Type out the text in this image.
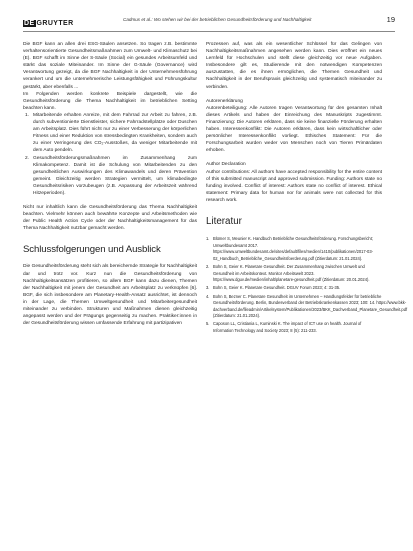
DE GRUYTER	Cadmus et al.: Wo stehen wir bei der betrieblichen Gesundheitsförderung und Nachhaltigkeit	19

Die BGF kann an allen drei ESG-Säulen ansetzen. So tragen z.B. bestimmte verhaltensorientierte Gesundheitsmaßnahmen zum Umwelt- und Klimaschutz bei (E). BGF schafft im Sinne der S-Säule (Social) ein gesundes Arbeitsumfeld und stärkt das soziale Miteinander. Im Sinne der G-Säule (Governance) wird Verantwortung gezeigt, da die BGF Nachhaltigkeit in der Unternehmensführung verankert und um die unternehmerische Leistungsfähigkeit und Führungskultur gestärkt, aber ebenfalls ...

Im Folgenden werden konkrete Beispiele dargestellt, wie die Gesundheitsförderung die Thema Nachhaltigkeit im betrieblichen Setting beachten kann.

1. Mitarbeitende erhalten Anreize, mit dem Fahrrad zur Arbeit zu fahren, z.B. durch subventionierte Dienstleister, sichere Fahrradstellplätze oder Duschen am Arbeitsplatz. Dies führt nicht nur zu einer Verbesserung der körperlichen Fitness und einer Reduktion von stressbedingten Krankheiten, sondern auch zu einer Verringerung des CO₂-Ausstoßes, da weniger Mitarbeitende mit dem Auto pendeln.
2. Gesundheitsförderungsmaßnahmen im Zusammenhang zum Klimakompetenz. Damit ist die Schulung von Mitarbeitenden zu den gesundheitlichen Auswirkungen des Klimawandels und deren Prävention gemeint. Gleichzeitig werden Strategien vermittelt, um klimabedingte Gesundheitsrisiken vorzubeugen (z.B. Anpassung der Arbeitszeit während Hitzeperioden).

Nicht nur inhaltlich kann die Gesundheitsförderung das Thema Nachhaltigkeit beachten. Vielmehr können auch bewährte Konzepte und Arbeitsmethoden wie der Public Health Action Cycle oder der Nachhaltigkeitsmanagement für das Thema Nachhaltigkeit nutzbar gemacht werden.

Schlussfolgerungen und Ausblick

Die Gesundheitsförderung steht sich als bereichernde Strategie für Nachhaltigkeit dar und trotz vor. Kurz nun die Gesundheitsförderung von Nachhaltigkeitsansätzen profitieren, so allem BGF kann dazu dienen, Themen der Nachhaltigkeit mit jenem der Gesundheit am Arbeitsplatz zu verknüpfen [6]. BGF, die sich insbesondere am Planetary-Health-Ansatz ausrichtet, ist dennoch in der Lage, die Themen Umweltgesundheit und Mitarbeitergesundheit miteinander zu verbinden. Strukturen und Maßnahmen dienen gleichzeitig angepasst werden und der Prägungs gegenseitig zu machen. Praktiker:innen in der Gesundheitsförderung wissen umfassende Erfahrung mit partizipativen

Prozessen auf, was als ein wesentlicher Schlüssel für das Gelingen von Nachhaltigkeitsmaßnahmen angesehen werden kann. Dies eröffnet ein neues Lernfeld für Hochschulen und stellt diese gleichzeitig vor neue Aufgaben. Insbesondere gilt es, Studierende mit den notwendigen Kompetenzen auszustatten, die es ihnen ermöglichen, die Themen Gesundheit und Nachhaltigkeit in der Berufspraxis gleichzeitig und systematisch miteinander zu verbinden.

Autorenerklärung

Autorenbeteiligung: Alle Autoren tragen Verantwortung für den gesamten Inhalt dieses Artikels und haben der Einreichung des Manuskripts zugestimmt. Finanzierung: Die Autoren erklären, dass sie keine finanzielle Förderung erhalten haben. Interessenkonflikt: Die Autoren erklären, dass kein wirtschaftlicher oder persönlicher Interessenkonflikt vorliegt. Ethisches Statement: Für die Forschungsarbeit wurden weder von Menschen noch von Tieren Primärdaten erhoben.

Author Declaration

Author contributions: All authors have accepted responsibility for the entire content of this submitted manuscript and approved submission. Funding: Authors state no funding involved. Conflict of interest: Authors state no conflict of interest. Ethical statement: Primary data for human nor for animals were not collected for this research work.

Literatur
1. Blümer S, Meunier K. Handbuch Betriebliche Gesundheitsförderung. Forschungsbericht; Umweltbundesamt 2017. https://www.umweltbundesamt.de/sites/default/files/medien/1410/publikationen/2017-03-02_Handbuch_Betriebliche_Gesundheitsfoerderung.pdf (Zitierdatum: 21.01.2024).
2. Bohn S, Geier K. Planetare Gesundheit. Der Zusammenhang zwischen Umwelt und Gesundheit im Arbeitskontext. Monitor Arbeitswelt 2023. https://www.dguv.de/medien/inhalt/planetare-gesundheit.pdf (Zitierdatum: 20.01.2024).
3. Bohn S, Geier K. Planetare Gesundheit. DGUV Forum 2023; 4: 31-35.
4. Bohn S, Bezner C. Planetare Gesundheit im Unternehmen – Handlungsfelder für betriebliche Gesundheitsförderung. Berlin, Bundesverband der Betriebskrankenkassen 2023; 100: 14. https://www.bkk-dachverband.de/fileadmin/Artikelsystem/Publikationen/2023/BKK_Dachverband_Planetare_Gesundheit.pdf (Zitierdatum: 21.01.2024).
5. Caposon LL, Cristiania L, Kuminski K. The impact of ICT use on health. Journal of Information Technology and Society 2023; 8 (5): 211-233.
